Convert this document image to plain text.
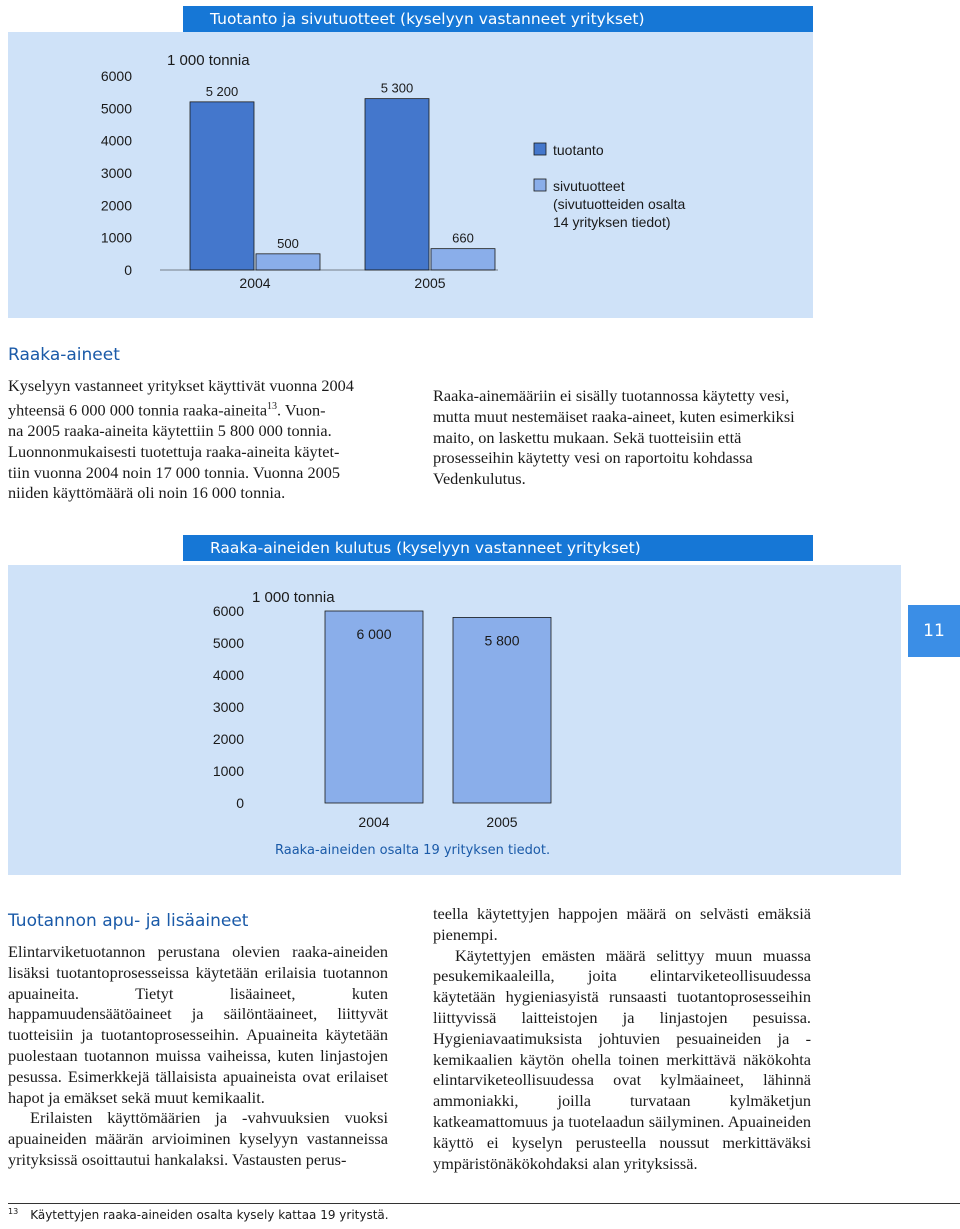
Tuotanto ja sivutuotteet (kyselyyn vastanneet yritykset)
1 000 tonnia
0
1000
2000
3000
4000
5000
6000
5 200
500
5 300
660
2004	2005
tuotanto
sivutuotteet
(sivutuotteiden osalta
14 yrityksen tiedot)
Raaka-aineet
Kyselyyn vastanneet yritykset käyttivät vuonna 2004
yhteensä 6 000 000 tonnia raaka-aineita$^{13}$. Vuon-
na 2005 raaka-aineita käytettiin 5 800 000 tonnia.
Luonnonmukaisesti tuotettuja raaka-aineita käytet-
tiin vuonna 2004 noin 17 000 tonnia. Vuonna 2005
niiden käyttömäärä oli noin 16 000 tonnia.

Raaka-ainemääriin ei sisälly tuotannossa käytetty vesi, mutta muut nestemäiset raaka-aineet, kuten esimerkiksi maito, on laskettu mukaan. Sekä tuotteisiin että prosesseihin käytetty vesi on raportoitu kohdassa Vedenkulutus.

Raaka-aineiden kulutus (kyselyyn vastanneet yritykset)
1 000 tonnia
0
1000
2000
3000
4000
5000
6000
6 000	5 800
2004	2005
Raaka-aineiden osalta 19 yrityksen tiedot.
11
Tuotannon apu- ja lisäaineet

Elintarviketuotannon perustana olevien raaka-aineiden lisäksi tuotantoprosesseissa käytetään erilaisia tuotannon apuaineita. Tietyt lisäaineet, kuten happamuudensäätöaineet ja säilöntäaineet, liittyvät tuotteisiin ja tuotantoprosesseihin. Apuaineita käytetään puolestaan tuotannon muissa vaiheissa, kuten linjastojen pesussa. Esimerkkejä tällaisista apuaineista ovat erilaiset hapot ja emäkset sekä muut kemikaalit.

Erilaisten käyttömäärien ja -vahvuuksien vuoksi apuaineiden määrän arvioiminen kyselyyn vastanneissa yrityksissä osoittautui hankalaksi. Vastausten perus-

teella käytettyjen happojen määrä on selvästi emäksiä pienempi.

Käytettyjen emästen määrä selittyy muun muassa pesukemikaaleilla, joita elintarviketeollisuudessa käytetään hygieniasyistä runsaasti tuotantoprosesseihin liittyvissä laitteistojen ja linjastojen pesuissa. Hygieniavaatimuksista johtuvien pesuaineiden ja -kemikaalien käytön ohella toinen merkittävä näkökohta elintarviketeollisuudessa ovat kylmäaineet, lähinnä ammoniakki, joilla turvataan kylmäketjun katkeamattomuus ja tuotelaadun säilyminen. Apuaineiden käyttö ei kyselyn perusteella noussut merkittäväksi ympäristönäkökohdaksi alan yrityksissä.

$^{13}$ Käytettyjen raaka-aineiden osalta kysely kattaa 19 yritystä.
